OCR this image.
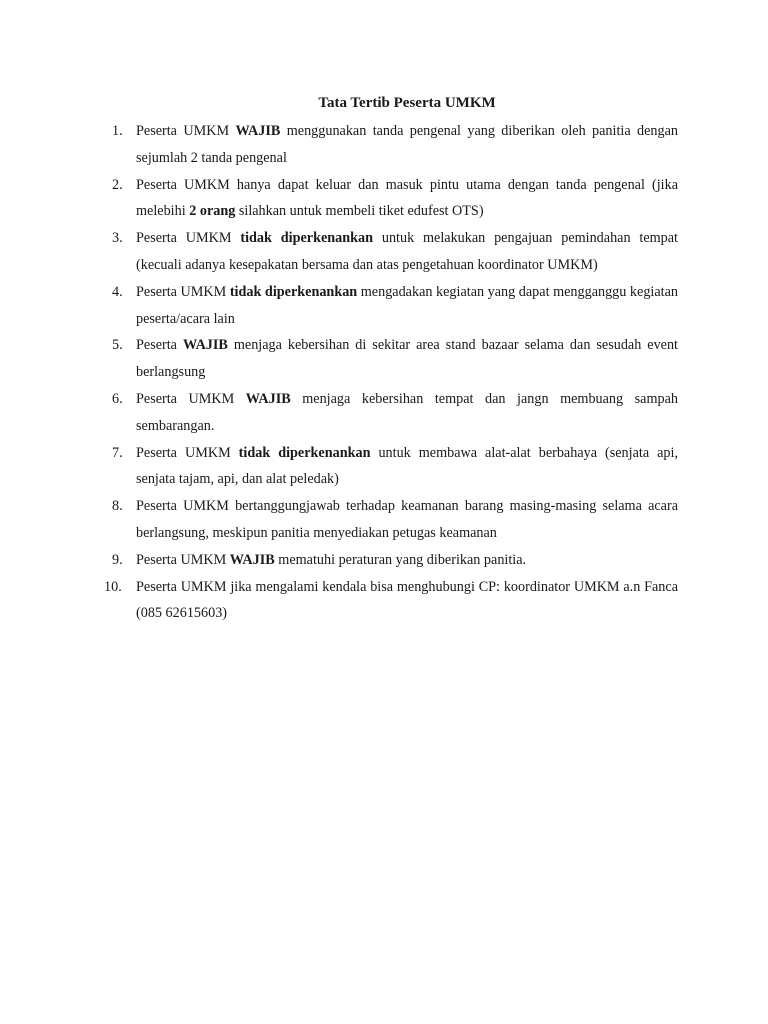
Tata Tertib Peserta UMKM
1. Peserta UMKM WAJIB menggunakan tanda pengenal yang diberikan oleh panitia dengan sejumlah 2 tanda pengenal
2. Peserta UMKM hanya dapat keluar dan masuk pintu utama dengan tanda pengenal (jika melebihi 2 orang silahkan untuk membeli tiket edufest OTS)
3. Peserta UMKM tidak diperkenankan untuk melakukan pengajuan pemindahan tempat (kecuali adanya kesepakatan bersama dan atas pengetahuan koordinator UMKM)
4. Peserta UMKM tidak diperkenankan mengadakan kegiatan yang dapat mengganggu kegiatan peserta/acara lain
5. Peserta WAJIB menjaga kebersihan di sekitar area stand bazaar selama dan sesudah event berlangsung
6. Peserta UMKM WAJIB menjaga kebersihan tempat dan jangn membuang sampah sembarangan.
7. Peserta UMKM tidak diperkenankan untuk membawa alat-alat berbahaya (senjata api, senjata tajam, api, dan alat peledak)
8. Peserta UMKM bertanggungjawab terhadap keamanan barang masing-masing selama acara berlangsung, meskipun panitia menyediakan petugas keamanan
9. Peserta UMKM WAJIB mematuhi peraturan yang diberikan panitia.
10. Peserta UMKM jika mengalami kendala bisa menghubungi CP: koordinator UMKM a.n Fanca (085 62615603)
